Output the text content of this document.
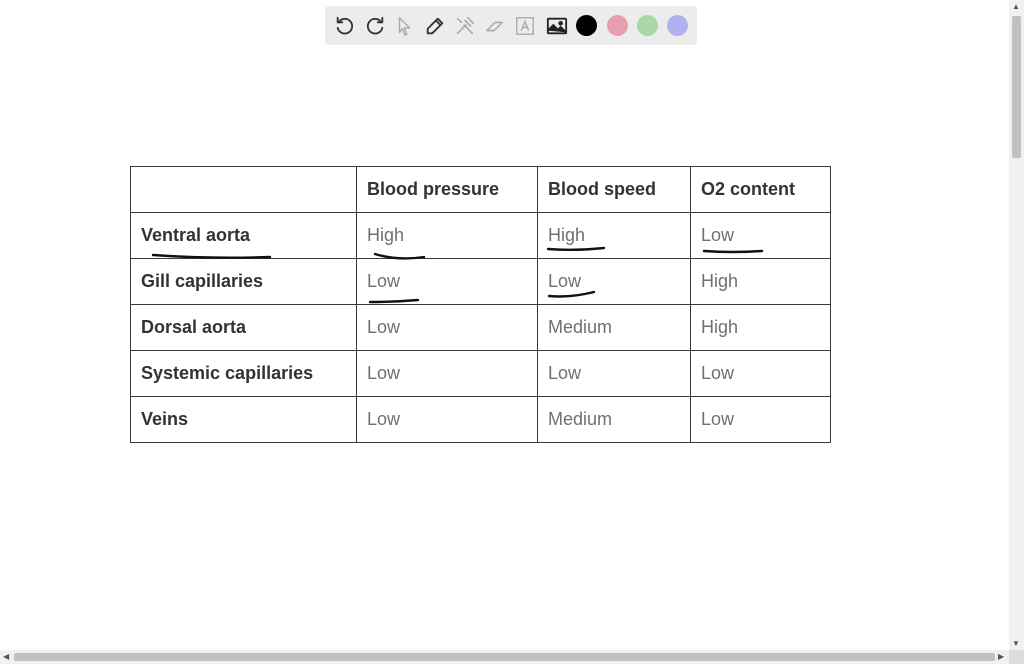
	Blood pressure	Blood speed	O2 content
Ventral aorta	High	High	Low
Gill capillaries	Low	Low	High
Dorsal aorta	Low	Medium	High
Systemic capillaries	Low	Low	Low
Veins	Low	Medium	Low
▲
▼
◀	▶
